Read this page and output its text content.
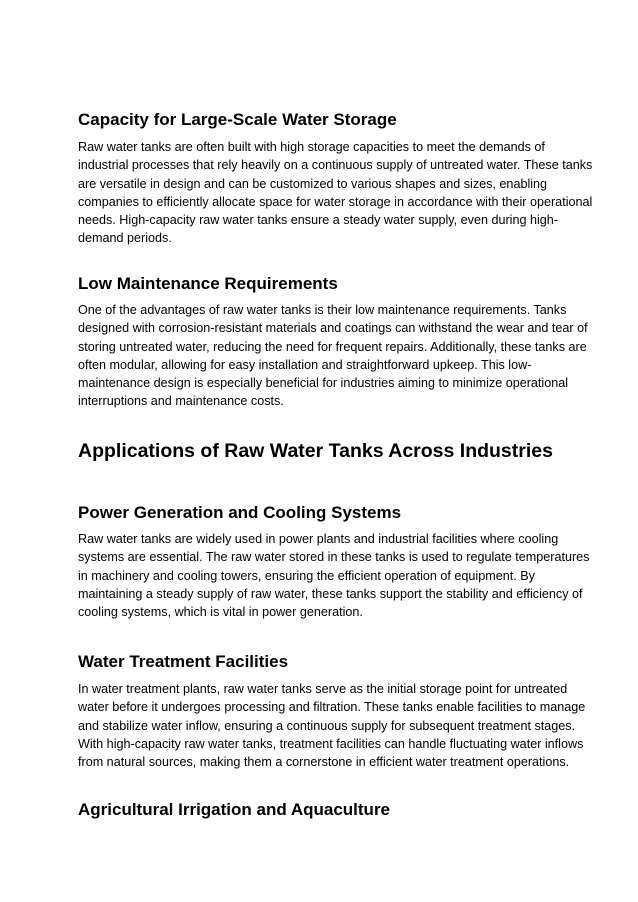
Capacity for Large-Scale Water Storage
Raw water tanks are often built with high storage capacities to meet the demands of
industrial processes that rely heavily on a continuous supply of untreated water. These tanks
are versatile in design and can be customized to various shapes and sizes, enabling
companies to efficiently allocate space for water storage in accordance with their operational
needs. High-capacity raw water tanks ensure a steady water supply, even during high-
demand periods.
Low Maintenance Requirements
One of the advantages of raw water tanks is their low maintenance requirements. Tanks
designed with corrosion-resistant materials and coatings can withstand the wear and tear of
storing untreated water, reducing the need for frequent repairs. Additionally, these tanks are
often modular, allowing for easy installation and straightforward upkeep. This low-
maintenance design is especially beneficial for industries aiming to minimize operational
interruptions and maintenance costs.
Applications of Raw Water Tanks Across Industries
Power Generation and Cooling Systems
Raw water tanks are widely used in power plants and industrial facilities where cooling
systems are essential. The raw water stored in these tanks is used to regulate temperatures
in machinery and cooling towers, ensuring the efficient operation of equipment. By
maintaining a steady supply of raw water, these tanks support the stability and efficiency of
cooling systems, which is vital in power generation.
Water Treatment Facilities
In water treatment plants, raw water tanks serve as the initial storage point for untreated
water before it undergoes processing and filtration. These tanks enable facilities to manage
and stabilize water inflow, ensuring a continuous supply for subsequent treatment stages.
With high-capacity raw water tanks, treatment facilities can handle fluctuating water inflows
from natural sources, making them a cornerstone in efficient water treatment operations.
Agricultural Irrigation and Aquaculture
